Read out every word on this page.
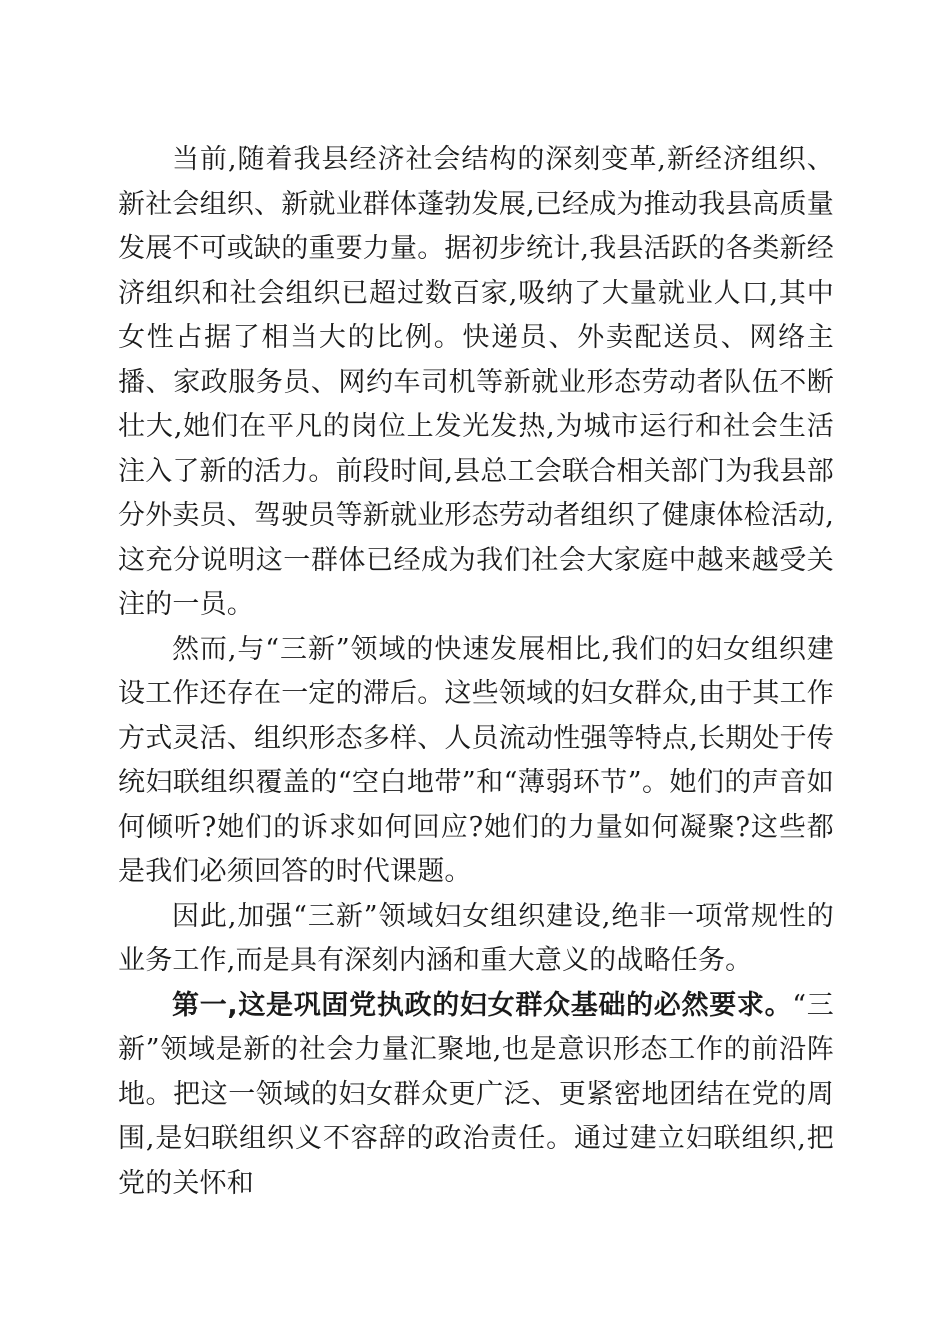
当前,随着我县经济社会结构的深刻变革,新经济组织、新社会组织、新就业群体蓬勃发展,已经成为推动我县高质量发展不可或缺的重要力量。据初步统计,我县活跃的各类新经济组织和社会组织已超过数百家,吸纳了大量就业人口,其中女性占据了相当大的比例。快递员、外卖配送员、网络主播、家政服务员、网约车司机等新就业形态劳动者队伍不断壮大,她们在平凡的岗位上发光发热,为城市运行和社会生活注入了新的活力。前段时间,县总工会联合相关部门为我县部分外卖员、驾驶员等新就业形态劳动者组织了健康体检活动,这充分说明这一群体已经成为我们社会大家庭中越来越受关注的一员。

然而,与“三新”领域的快速发展相比,我们的妇女组织建设工作还存在一定的滞后。这些领域的妇女群众,由于其工作方式灵活、组织形态多样、人员流动性强等特点,长期处于传统妇联组织覆盖的“空白地带”和“薄弱环节”。她们的声音如何倾听?她们的诉求如何回应?她们的力量如何凝聚?这些都是我们必须回答的时代课题。

因此,加强“三新”领域妇女组织建设,绝非一项常规性的业务工作,而是具有深刻内涵和重大意义的战略任务。

第一,这是巩固党执政的妇女群众基础的必然要求。“三新”领域是新的社会力量汇聚地,也是意识形态工作的前沿阵地。把这一领域的妇女群众更广泛、更紧密地团结在党的周围,是妇联组织义不容辞的政治责任。通过建立妇联组织,把党的关怀和
